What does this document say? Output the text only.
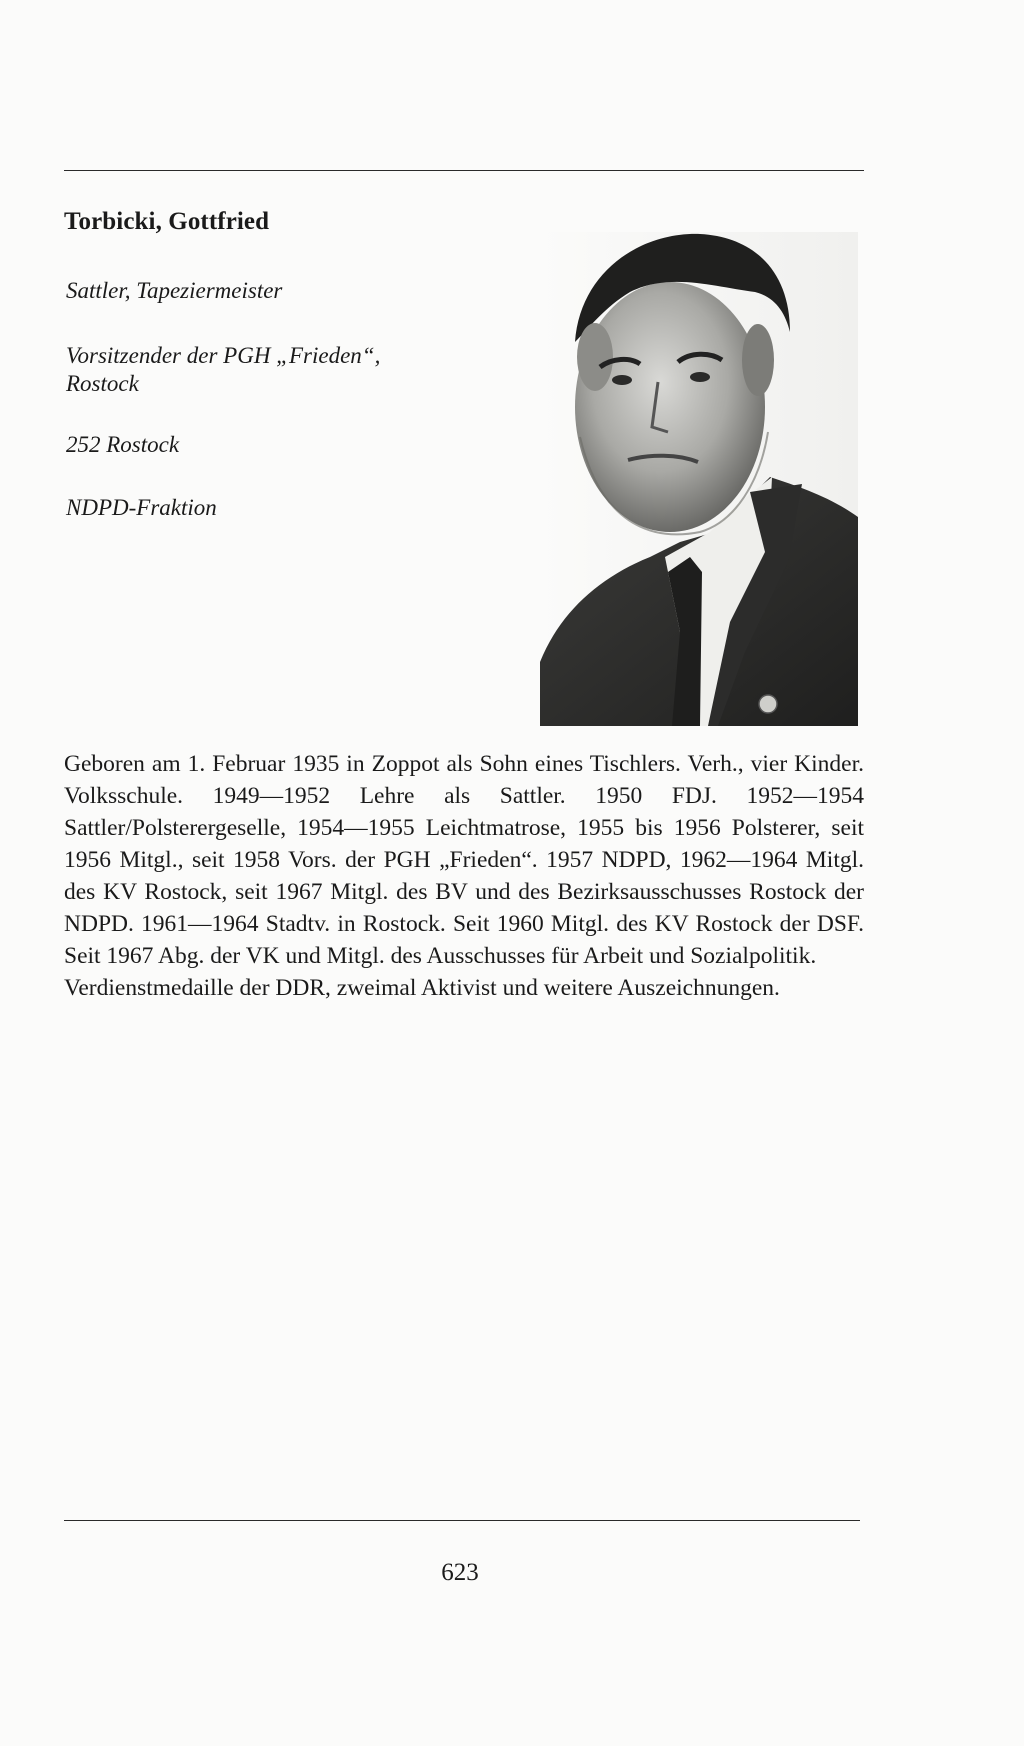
Torbicki, Gottfried
Sattler, Tapeziermeister
Vorsitzender der PGH „Frieden“,
Rostock
252 Rostock
NDPD-Fraktion

Geboren am 1. Februar 1935 in Zoppot als Sohn eines Tischlers. Verh., vier Kinder. Volksschule. 1949—1952 Lehre als Sattler. 1950 FDJ. 1952—1954 Sattler/Polsterergeselle, 1954—1955 Leichtmatrose, 1955 bis 1956 Polsterer, seit 1956 Mitgl., seit 1958 Vors. der PGH „Frieden“. 1957 NDPD, 1962—1964 Mitgl. des KV Rostock, seit 1967 Mitgl. des BV und des Bezirksausschusses Rostock der NDPD. 1961—1964 Stadtv. in Rostock. Seit 1960 Mitgl. des KV Rostock der DSF. Seit 1967 Abg. der VK und Mitgl. des Ausschusses für Arbeit und Sozialpolitik.

Verdienstmedaille der DDR, zweimal Aktivist und weitere Auszeichnungen.

623
